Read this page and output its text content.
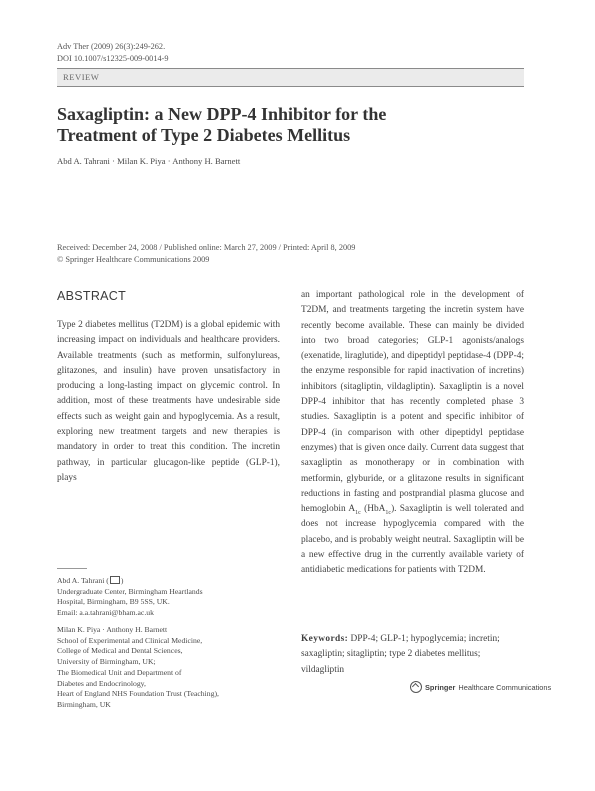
Adv Ther (2009) 26(3):249-262.
DOI 10.1007/s12325-009-0014-9
REVIEW
Saxagliptin: a New DPP-4 Inhibitor for the
Treatment of Type 2 Diabetes Mellitus
Abd A. Tahrani · Milan K. Piya · Anthony H. Barnett
Received: December 24, 2008 / Published online: March 27, 2009 / Printed: April 8, 2009
© Springer Healthcare Communications 2009
ABSTRACT
Type 2 diabetes mellitus (T2DM) is a global epidemic with increasing impact on individuals and healthcare providers. Available treatments (such as metformin, sulfonylureas, glitazones, and insulin) have proven unsatisfactory in producing a long-lasting impact on glycemic control. In addition, most of these treatments have undesirable side effects such as weight gain and hypoglycemia. As a result, exploring new treatment targets and new therapies is mandatory in order to treat this condition. The incretin pathway, in particular glucagon-like peptide (GLP-1), plays
an important pathological role in the development of T2DM, and treatments targeting the incretin system have recently become available. These can mainly be divided into two broad categories; GLP-1 agonists/analogs (exenatide, liraglutide), and dipeptidyl peptidase-4 (DPP-4; the enzyme responsible for rapid inactivation of incretins) inhibitors (sitagliptin, vildagliptin). Saxagliptin is a novel DPP-4 inhibitor that has recently completed phase 3 studies. Saxagliptin is a potent and specific inhibitor of DPP-4 (in comparison with other dipeptidyl peptidase enzymes) that is given once daily. Current data suggest that saxagliptin as monotherapy or in combination with metformin, glyburide, or a glitazone results in significant reductions in fasting and postprandial plasma glucose and hemoglobin $A_{1c}$ (HbA$_{1c}$). Saxagliptin is well tolerated and does not increase hypoglycemia compared with the placebo, and is probably weight neutral. Saxagliptin will be a new effective drug in the currently available variety of antidiabetic medications for patients with T2DM.
Keywords: DPP-4; GLP-1; hypoglycemia; incretin; saxagliptin; sitagliptin; type 2 diabetes mellitus; vildagliptin
Abd A. Tahrani ( )
Undergraduate Center, Birmingham Heartlands
Hospital, Birmingham, B9 5SS, UK.
Email: a.a.tahrani@bham.ac.uk
Milan K. Piya · Anthony H. Barnett
School of Experimental and Clinical Medicine,
College of Medical and Dental Sciences,
University of Birmingham, UK;
The Biomedical Unit and Department of
Diabetes and Endocrinology,
Heart of England NHS Foundation Trust (Teaching),
Birmingham, UK
Springer Healthcare Communications
